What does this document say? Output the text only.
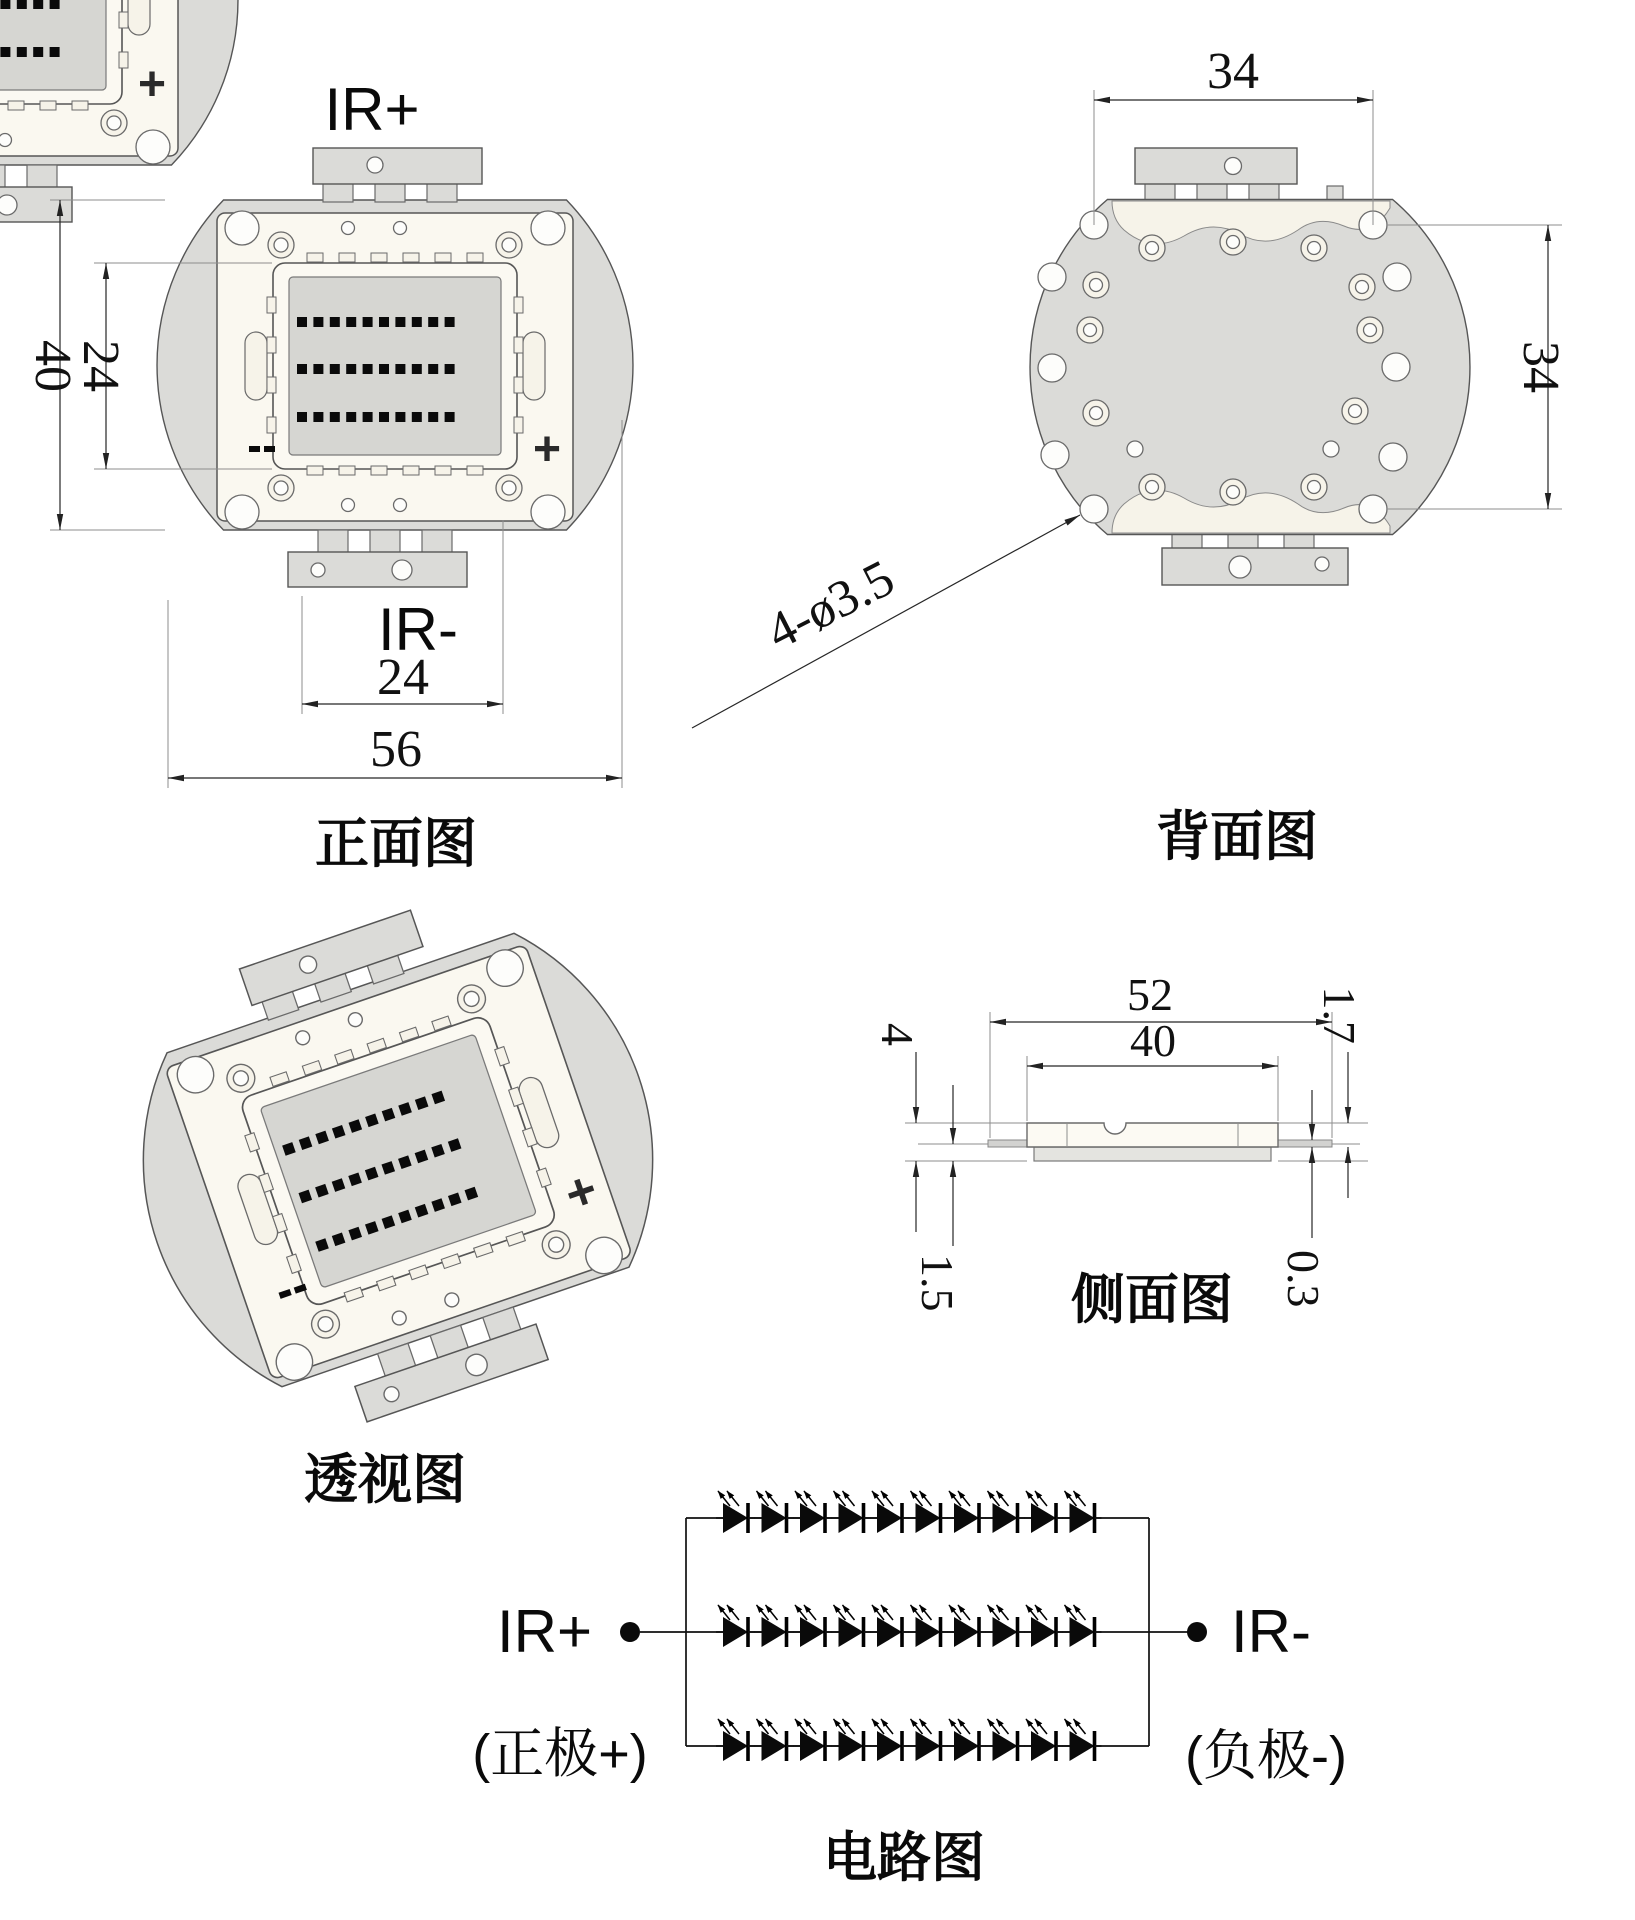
+	IR+
40
24
IR-
24
56
正面图
34
34
4-ø3.5
背面图
透视图
52
40
4
1.5
1.7
0.3
侧面图
IR+	IR-
(正极+)	(负极-)
电路图
